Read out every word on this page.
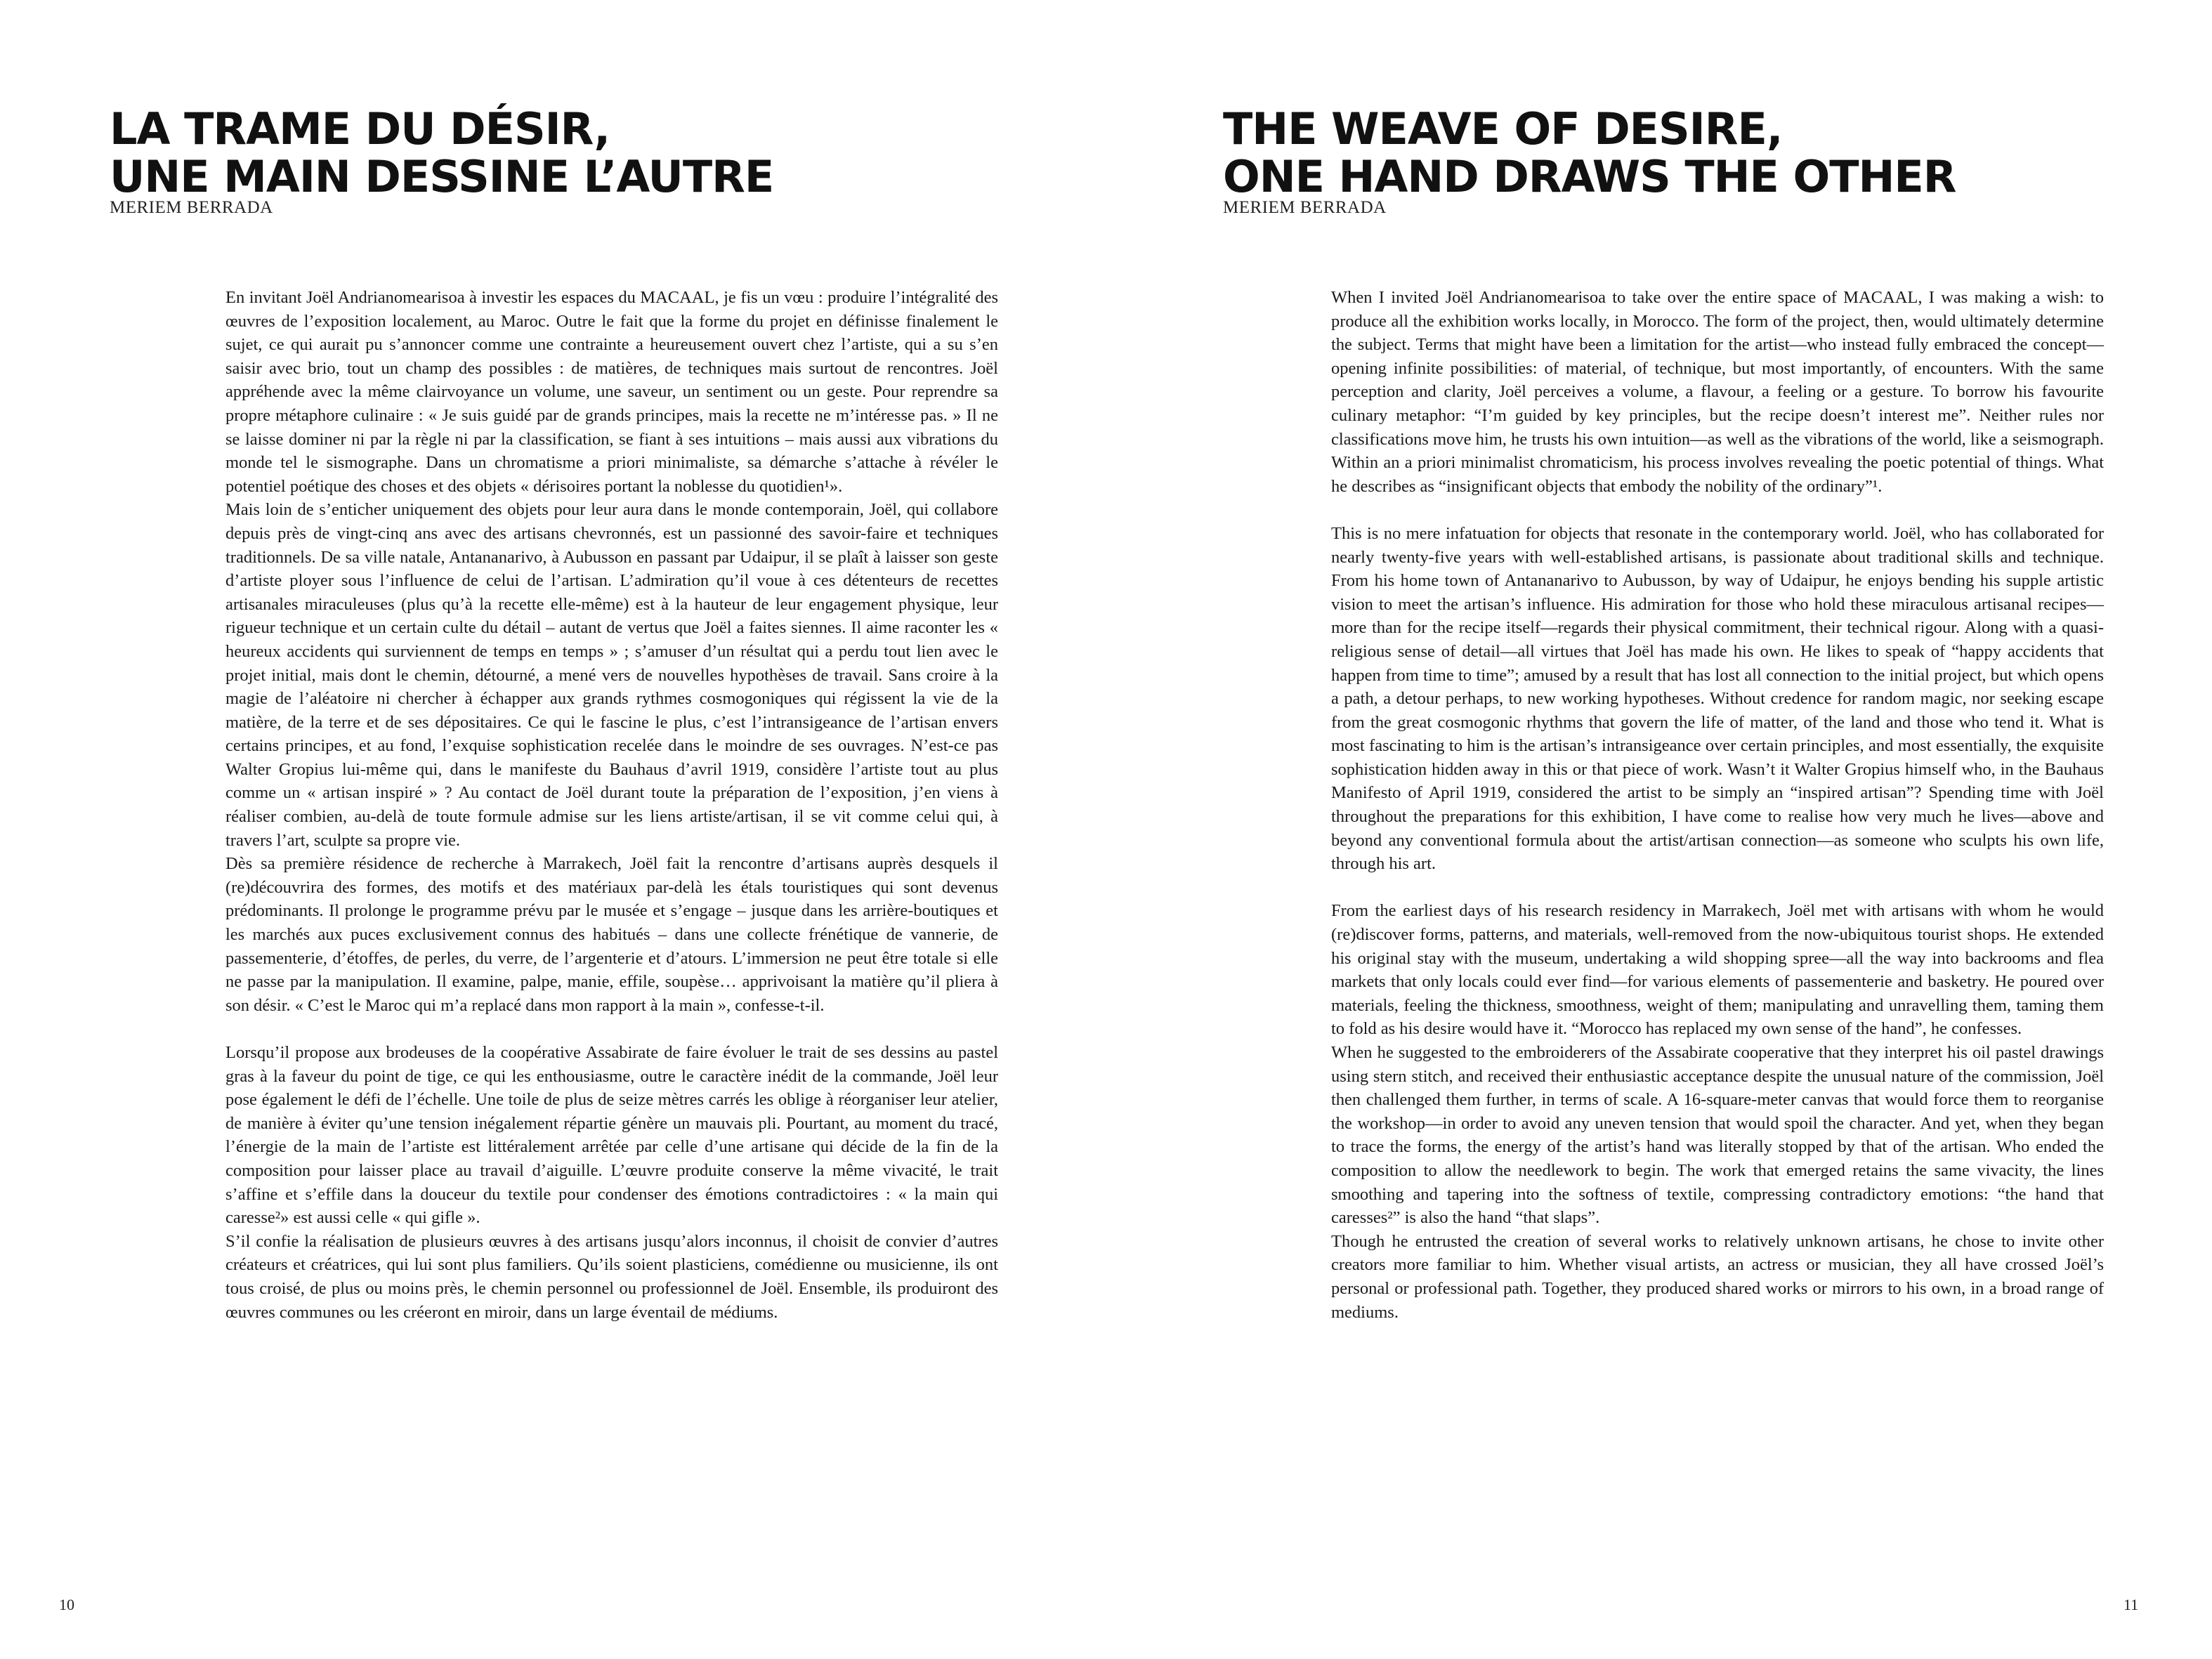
LA TRAME DU DÉSIR,
UNE MAIN DESSINE L’AUTRE
MERIEM BERRADA

En invitant Joël Andrianomearisoa à investir les espaces du MACAAL, je fis un vœu : produire l’intégralité des œuvres de l’exposition localement, au Maroc. Outre le fait que la forme du projet en définisse finalement le sujet, ce qui aurait pu s’annoncer comme une contrainte a heureusement ouvert chez l’artiste, qui a su s’en saisir avec brio, tout un champ des possibles : de matières, de techniques mais surtout de rencontres. Joël appréhende avec la même clairvoyance un volume, une saveur, un sentiment ou un geste. Pour reprendre sa propre métaphore culinaire : « Je suis guidé par de grands principes, mais la recette ne m’intéresse pas. » Il ne se laisse dominer ni par la règle ni par la classification, se fiant à ses intuitions – mais aussi aux vibrations du monde tel le sismographe. Dans un chromatisme a priori minimaliste, sa démarche s’attache à révéler le potentiel poétique des choses et des objets « dérisoires portant la noblesse du quotidien¹».

Mais loin de s’enticher uniquement des objets pour leur aura dans le monde contemporain, Joël, qui collabore depuis près de vingt-cinq ans avec des artisans chevronnés, est un passionné des savoir-faire et techniques traditionnels. De sa ville natale, Antananarivo, à Aubusson en passant par Udaipur, il se plaît à laisser son geste d’artiste ployer sous l’influence de celui de l’artisan. L’admiration qu’il voue à ces détenteurs de recettes artisanales miraculeuses (plus qu’à la recette elle-même) est à la hauteur de leur engagement physique, leur rigueur technique et un certain culte du détail – autant de vertus que Joël a faites siennes. Il aime raconter les « heureux accidents qui surviennent de temps en temps » ; s’amuser d’un résultat qui a perdu tout lien avec le projet initial, mais dont le chemin, détourné, a mené vers de nouvelles hypothèses de travail. Sans croire à la magie de l’aléatoire ni chercher à échapper aux grands rythmes cosmogoniques qui régissent la vie de la matière, de la terre et de ses dépositaires. Ce qui le fascine le plus, c’est l’intransigeance de l’artisan envers certains principes, et au fond, l’exquise sophistication recelée dans le moindre de ses ouvrages. N’est-ce pas Walter Gropius lui-même qui, dans le manifeste du Bauhaus d’avril 1919, considère l’artiste tout au plus comme un « artisan inspiré » ? Au contact de Joël durant toute la préparation de l’exposition, j’en viens à réaliser combien, au-delà de toute formule admise sur les liens artiste/artisan, il se vit comme celui qui, à travers l’art, sculpte sa propre vie.

Dès sa première résidence de recherche à Marrakech, Joël fait la rencontre d’artisans auprès desquels il (re)découvrira des formes, des motifs et des matériaux par-delà les étals touristiques qui sont devenus prédominants. Il prolonge le programme prévu par le musée et s’engage – jusque dans les arrière-boutiques et les marchés aux puces exclusivement connus des habitués – dans une collecte frénétique de vannerie, de passementerie, d’étoffes, de perles, du verre, de l’argenterie et d’atours. L’immersion ne peut être totale si elle ne passe par la manipulation. Il examine, palpe, manie, effile, soupèse… apprivoisant la matière qu’il pliera à son désir. « C’est le Maroc qui m’a replacé dans mon rapport à la main », confesse-t-il.

Lorsqu’il propose aux brodeuses de la coopérative Assabirate de faire évoluer le trait de ses dessins au pastel gras à la faveur du point de tige, ce qui les enthousiasme, outre le caractère inédit de la commande, Joël leur pose également le défi de l’échelle. Une toile de plus de seize mètres carrés les oblige à réorganiser leur atelier, de manière à éviter qu’une tension inégalement répartie génère un mauvais pli. Pourtant, au moment du tracé, l’énergie de la main de l’artiste est littéralement arrêtée par celle d’une artisane qui décide de la fin de la composition pour laisser place au travail d’aiguille. L’œuvre produite conserve la même vivacité, le trait s’affine et s’effile dans la douceur du textile pour condenser des émotions contradictoires : « la main qui caresse²» est aussi celle « qui gifle ».

S’il confie la réalisation de plusieurs œuvres à des artisans jusqu’alors inconnus, il choisit de convier d’autres créateurs et créatrices, qui lui sont plus familiers. Qu’ils soient plasticiens, comédienne ou musicienne, ils ont tous croisé, de plus ou moins près, le chemin personnel ou professionnel de Joël. Ensemble, ils produiront des œuvres communes ou les créeront en miroir, dans un large éventail de médiums.

10
THE WEAVE OF DESIRE,
ONE HAND DRAWS THE OTHER
MERIEM BERRADA

When I invited Joël Andrianomearisoa to take over the entire space of MACAAL, I was making a wish: to produce all the exhibition works locally, in Morocco. The form of the project, then, would ultimately determine the subject. Terms that might have been a limitation for the artist—who instead fully embraced the concept—opening infinite possibilities: of material, of technique, but most importantly, of encounters. With the same perception and clarity, Joël perceives a volume, a flavour, a feeling or a gesture. To borrow his favourite culinary metaphor: “I’m guided by key principles, but the recipe doesn’t interest me”. Neither rules nor classifications move him, he trusts his own intuition—as well as the vibrations of the world, like a seismograph. Within an a priori minimalist chromaticism, his process involves revealing the poetic potential of things. What he describes as “insignificant objects that embody the nobility of the ordinary”¹.

This is no mere infatuation for objects that resonate in the contemporary world. Joël, who has collaborated for nearly twenty-five years with well-established artisans, is passionate about traditional skills and technique. From his home town of Antananarivo to Aubusson, by way of Udaipur, he enjoys bending his supple artistic vision to meet the artisan’s influence. His admiration for those who hold these miraculous artisanal recipes—more than for the recipe itself—regards their physical commitment, their technical rigour. Along with a quasi-religious sense of detail—all virtues that Joël has made his own. He likes to speak of “happy accidents that happen from time to time”; amused by a result that has lost all connection to the initial project, but which opens a path, a detour perhaps, to new working hypotheses. Without credence for random magic, nor seeking escape from the great cosmogonic rhythms that govern the life of matter, of the land and those who tend it. What is most fascinating to him is the artisan’s intransigeance over certain principles, and most essentially, the exquisite sophistication hidden away in this or that piece of work. Wasn’t it Walter Gropius himself who, in the Bauhaus Manifesto of April 1919, considered the artist to be simply an “inspired artisan”? Spending time with Joël throughout the preparations for this exhibition, I have come to realise how very much he lives—above and beyond any conventional formula about the artist/artisan connection—as someone who sculpts his own life, through his art.

From the earliest days of his research residency in Marrakech, Joël met with artisans with whom he would (re)discover forms, patterns, and materials, well-removed from the now-ubiquitous tourist shops. He extended his original stay with the museum, undertaking a wild shopping spree—all the way into backrooms and flea markets that only locals could ever find—for various elements of passementerie and basketry. He poured over materials, feeling the thickness, smoothness, weight of them; manipulating and unravelling them, taming them to fold as his desire would have it. “Morocco has replaced my own sense of the hand”, he confesses.

When he suggested to the embroiderers of the Assabirate cooperative that they interpret his oil pastel drawings using stern stitch, and received their enthusiastic acceptance despite the unusual nature of the commission, Joël then challenged them further, in terms of scale. A 16-square-meter canvas that would force them to reorganise the workshop—in order to avoid any uneven tension that would spoil the character. And yet, when they began to trace the forms, the energy of the artist’s hand was literally stopped by that of the artisan. Who ended the composition to allow the needlework to begin. The work that emerged retains the same vivacity, the lines smoothing and tapering into the softness of textile, compressing contradictory emotions: “the hand that caresses²” is also the hand “that slaps”.

Though he entrusted the creation of several works to relatively unknown artisans, he chose to invite other creators more familiar to him. Whether visual artists, an actress or musician, they all have crossed Joël’s personal or professional path. Together, they produced shared works or mirrors to his own, in a broad range of mediums.

11
